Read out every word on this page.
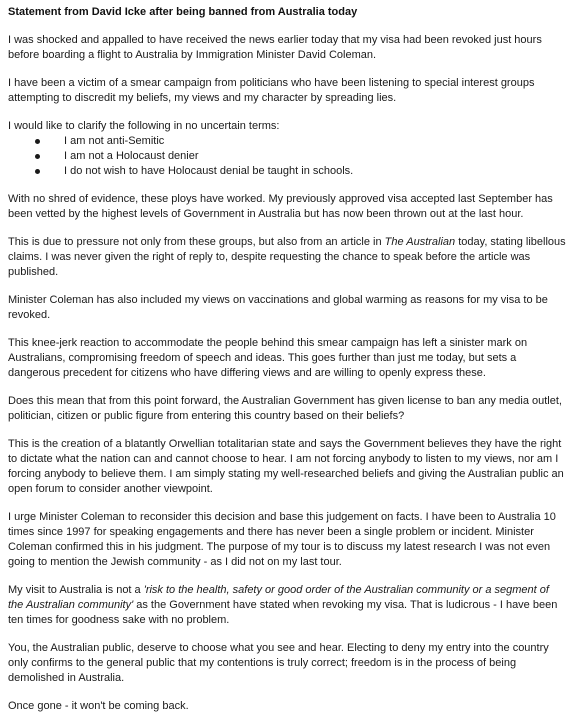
Statement from David Icke after being banned from Australia today

I was shocked and appalled to have received the news earlier today that my visa had been revoked just hours before boarding a flight to Australia by Immigration Minister David Coleman.

I have been a victim of a smear campaign from politicians who have been listening to special interest groups attempting to discredit my beliefs, my views and my character by spreading lies.

I would like to clarify the following in no uncertain terms:

I am not anti-Semitic
I am not a Holocaust denier
I do not wish to have Holocaust denial be taught in schools.

With no shred of evidence, these ploys have worked. My previously approved visa accepted last September has been vetted by the highest levels of Government in Australia but has now been thrown out at the last hour.

This is due to pressure not only from these groups, but also from an article in The Australian today, stating libellous claims. I was never given the right of reply to, despite requesting the chance to speak before the article was published.

Minister Coleman has also included my views on vaccinations and global warming as reasons for my visa to be revoked.

This knee-jerk reaction to accommodate the people behind this smear campaign has left a sinister mark on Australians, compromising freedom of speech and ideas. This goes further than just me today, but sets a dangerous precedent for citizens who have differing views and are willing to openly express these.

Does this mean that from this point forward, the Australian Government has given license to ban any media outlet, politician, citizen or public figure from entering this country based on their beliefs?

This is the creation of a blatantly Orwellian totalitarian state and says the Government believes they have the right to dictate what the nation can and cannot choose to hear. I am not forcing anybody to listen to my views, nor am I forcing anybody to believe them. I am simply stating my well-researched beliefs and giving the Australian public an open forum to consider another viewpoint.

I urge Minister Coleman to reconsider this decision and base this judgement on facts. I have been to Australia 10 times since 1997 for speaking engagements and there has never been a single problem or incident. Minister Coleman confirmed this in his judgment. The purpose of my tour is to discuss my latest research I was not even going to mention the Jewish community - as I did not on my last tour.

My visit to Australia is not a 'risk to the health, safety or good order of the Australian community or a segment of the Australian community' as the Government have stated when revoking my visa. That is ludicrous - I have been ten times for goodness sake with no problem.

You, the Australian public, deserve to choose what you see and hear. Electing to deny my entry into the country only confirms to the general public that my contentions is truly correct; freedom is in the process of being demolished in Australia.

Once gone - it won't be coming back.
